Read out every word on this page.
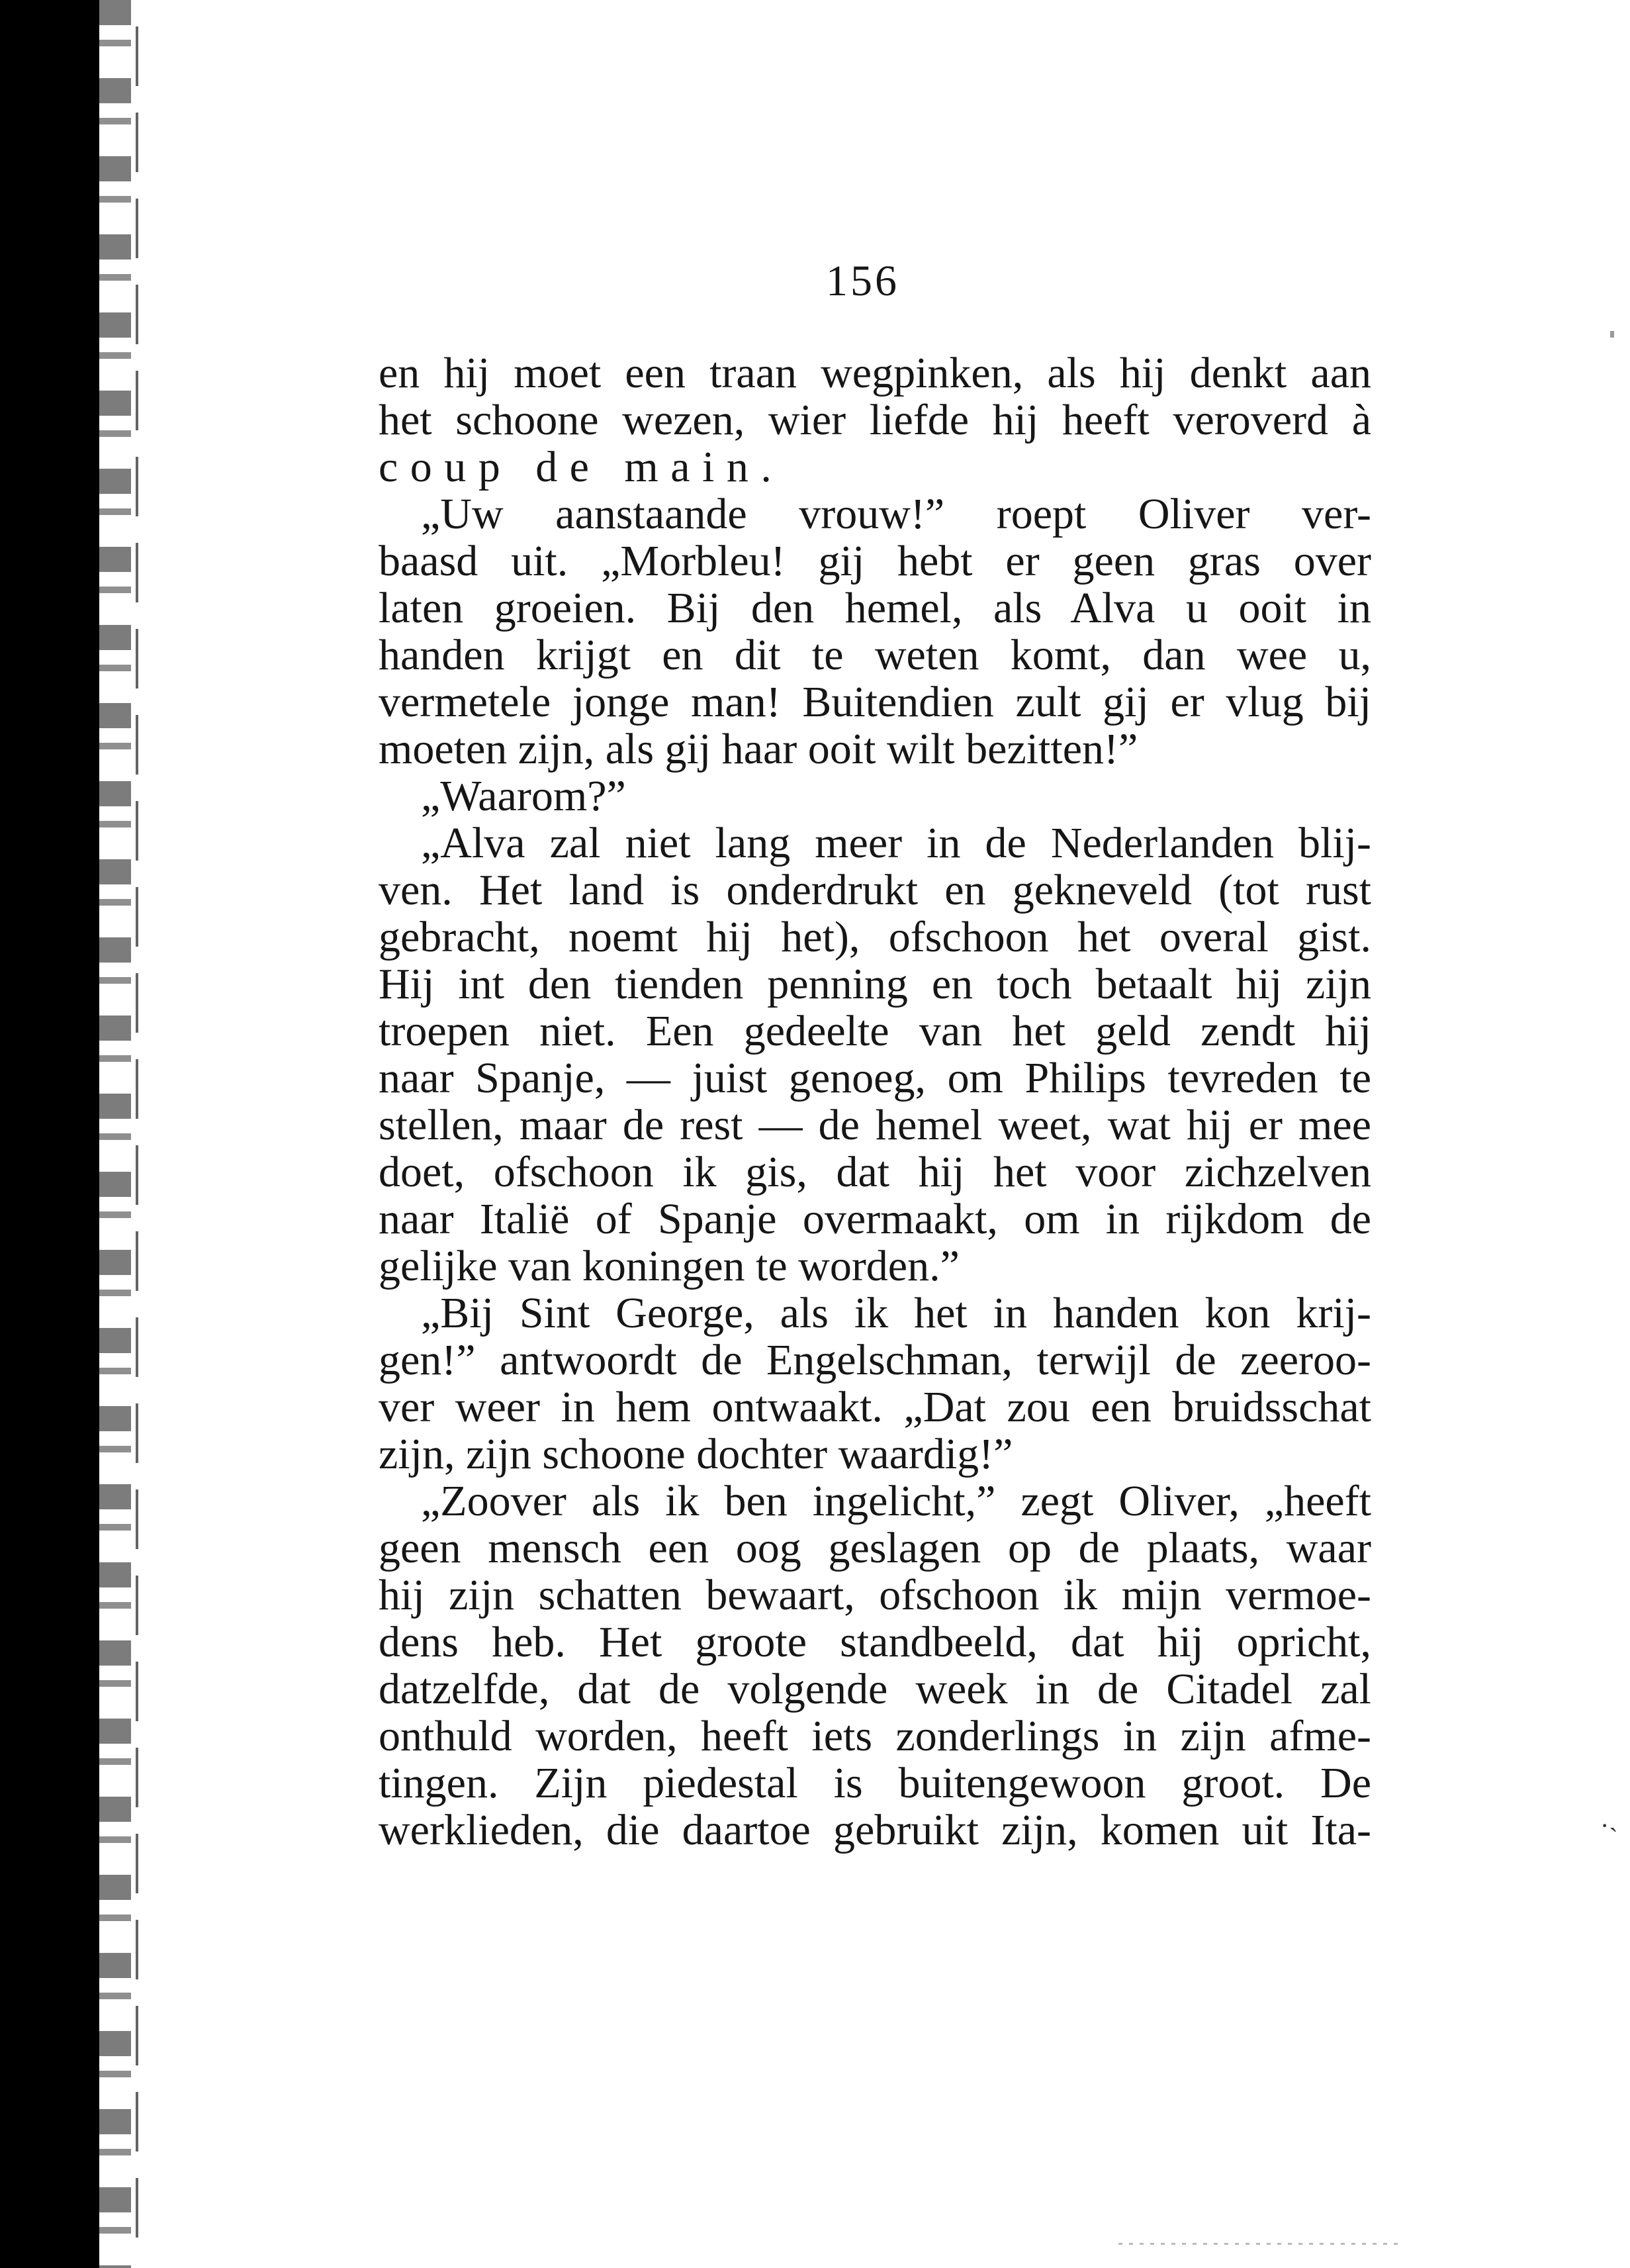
156
en hij moet een traan wegpinken, als hij denkt aan
het schoone wezen, wier liefde hij heeft veroverd à
coup de main.
„Uw aanstaande vrouw!” roept Oliver ver-
baasd uit. „Morbleu! gij hebt er geen gras over
laten groeien. Bij den hemel, als Alva u ooit in
handen krijgt en dit te weten komt, dan wee u,
vermetele jonge man! Buitendien zult gij er vlug bij
moeten zijn, als gij haar ooit wilt bezitten!”
„Waarom?”
„Alva zal niet lang meer in de Nederlanden blij-
ven. Het land is onderdrukt en gekneveld (tot rust
gebracht, noemt hij het), ofschoon het overal gist.
Hij int den tienden penning en toch betaalt hij zijn
troepen niet. Een gedeelte van het geld zendt hij
naar Spanje, — juist genoeg, om Philips tevreden te
stellen, maar de rest — de hemel weet, wat hij er mee
doet, ofschoon ik gis, dat hij het voor zichzelven
naar Italië of Spanje overmaakt, om in rijkdom de
gelijke van koningen te worden.”
„Bij Sint George, als ik het in handen kon krij-
gen!” antwoordt de Engelschman, terwijl de zeeroo-
ver weer in hem ontwaakt. „Dat zou een bruidsschat
zijn, zijn schoone dochter waardig!”
„Zoover als ik ben ingelicht,” zegt Oliver, „heeft
geen mensch een oog geslagen op de plaats, waar
hij zijn schatten bewaart, ofschoon ik mijn vermoe-
dens heb. Het groote standbeeld, dat hij opricht,
datzelfde, dat de volgende week in de Citadel zal
onthuld worden, heeft iets zonderlings in zijn afme-
tingen. Zijn piedestal is buitengewoon groot. De
werklieden, die daartoe gebruikt zijn, komen uit Ita-	·˴
